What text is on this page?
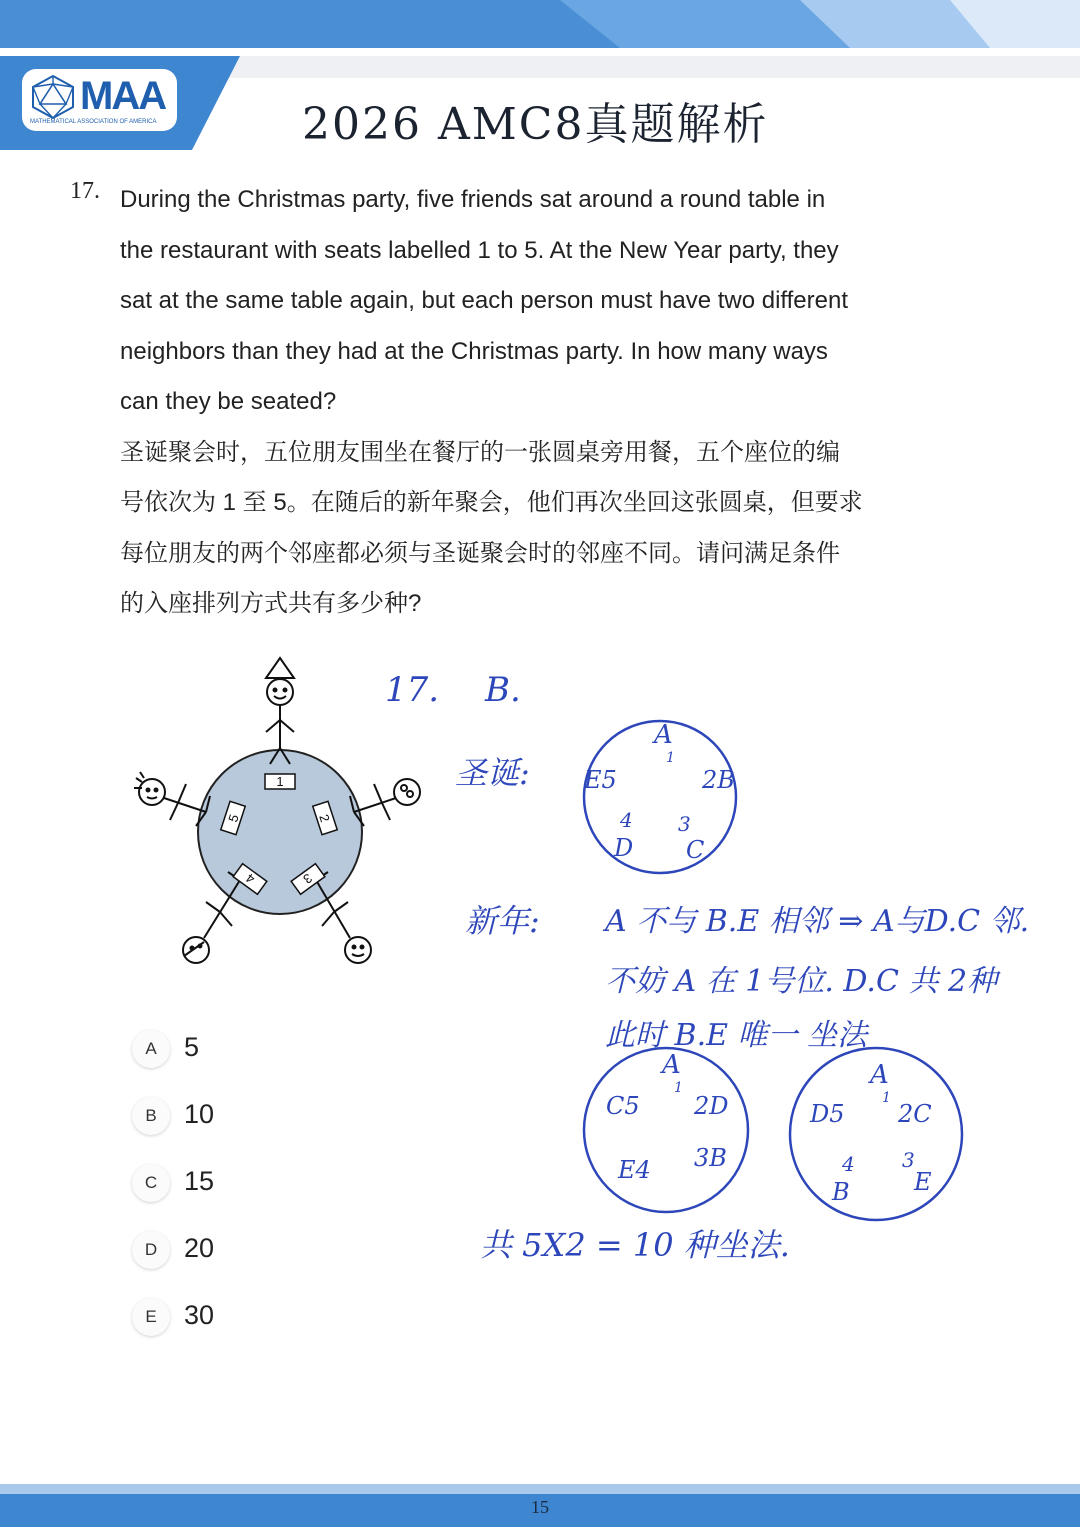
MAA
MATHEMATICAL ASSOCIATION OF AMERICA	2026 AMC8真题解析
17. During the Christmas party, five friends sat around a round table in

the restaurant with seats labelled 1 to 5. At the New Year party, they

sat at the same table again, but each person must have two different

neighbors than they had at the Christmas party. In how many ways

can they be seated?

圣诞聚会时，五位朋友围坐在餐厅的一张圆桌旁用餐，五个座位的编

号依次为 1 至 5。在随后的新年聚会，他们再次坐回这张圆桌，但要求

每位朋友的两个邻座都必须与圣诞聚会时的邻座不同。请问满足条件

的入座排列方式共有多少种?

1
2
3
4
5
A	5
B	10
C 15
D 20
E	30
17. B.
圣诞:
A
1
2B
E5
3
C
4
D
新年: A 不与 B.E 相邻 ⇒ A与D.C 邻.
不妨 A 在 1号位. D.C 共 2种
此时 B.E 唯一 坐法
A
1
2D
C5
3B
E4
A
1
2C
D5
3
E
4
B
共 5X2 = 10 种坐法.
15
